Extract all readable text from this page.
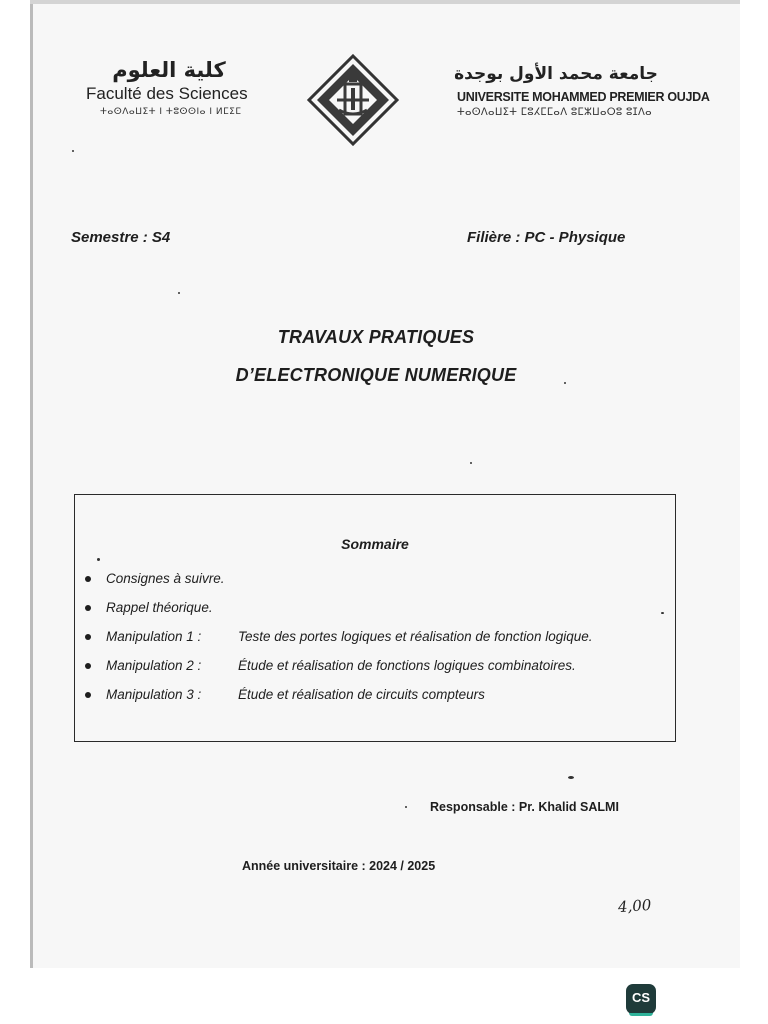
كلية العلوم
Faculté des Sciences
ⵜⴰⵙⴷⴰⵡⵉⵜ ⵏ ⵜⵓⵙⵙⵏⴰ ⵏ ⵍⵎⵉⵎ
جامعة محمد الأول بوجدة
UNIVERSITE MOHAMMED PREMIER OUJDA
ⵜⴰⵙⴷⴰⵡⵉⵜ ⵎⵓⵃⵎⵎⴰⴷ ⵓⵎⵣⵡⴰⵔⵓ ⵓⵊⴷⴰ
Semestre : S4	Filière : PC - Physique
TRAVAUX PRATIQUES
D’ELECTRONIQUE NUMERIQUE
Sommaire
Consignes à suivre.
Rappel théorique.
Manipulation 1 :	Teste des portes logiques et réalisation de fonction logique.
Manipulation 2 :	Étude et réalisation de fonctions logiques combinatoires.
Manipulation 3 :	Étude et réalisation de circuits compteurs
Responsable : Pr. Khalid SALMI
Année universitaire : 2024 / 2025
4,00
CS
